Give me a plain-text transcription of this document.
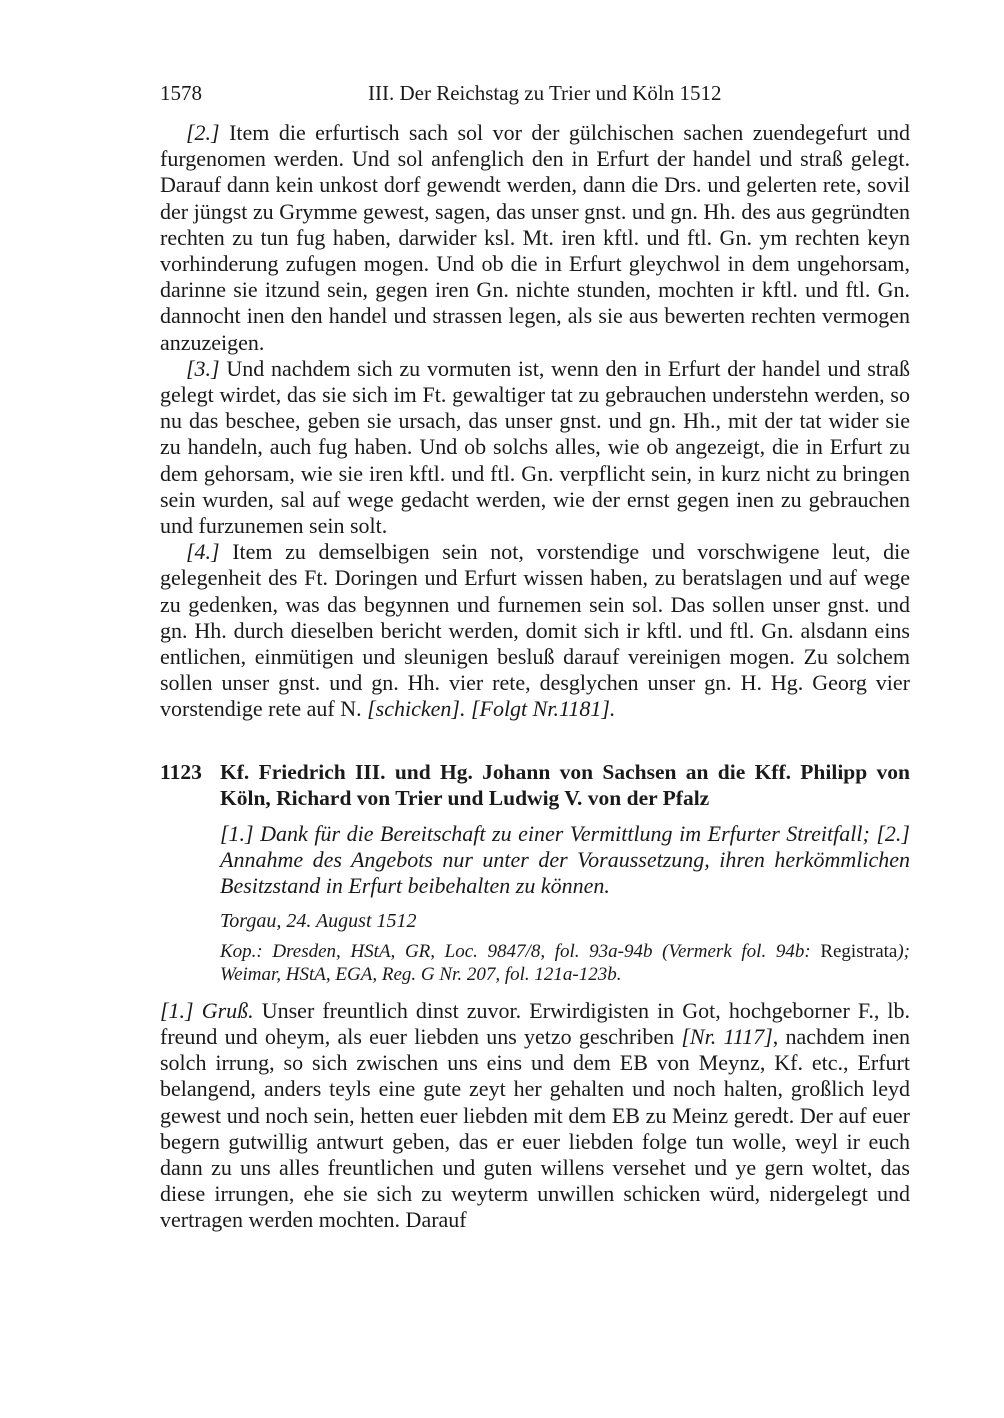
1578	III. Der Reichstag zu Trier und Köln 1512

[2.] Item die erfurtisch sach sol vor der gülchischen sachen zuendegefurt und furgenomen werden. Und sol anfenglich den in Erfurt der handel und straß gelegt. Darauf dann kein unkost dorf gewendt werden, dann die Drs. und gelerten rete, sovil der jüngst zu Grymme gewest, sagen, das unser gnst. und gn. Hh. des aus gegründten rechten zu tun fug haben, darwider ksl. Mt. iren kftl. und ftl. Gn. ym rechten keyn vorhinderung zufugen mogen. Und ob die in Erfurt gleychwol in dem ungehorsam, darinne sie itzund sein, gegen iren Gn. nichte stunden, mochten ir kftl. und ftl. Gn. dannocht inen den handel und strassen legen, als sie aus bewerten rechten vermogen anzuzeigen.

[3.] Und nachdem sich zu vormuten ist, wenn den in Erfurt der handel und straß gelegt wirdet, das sie sich im Ft. gewaltiger tat zu gebrauchen understehn werden, so nu das beschee, geben sie ursach, das unser gnst. und gn. Hh., mit der tat wider sie zu handeln, auch fug haben. Und ob solchs alles, wie ob angezeigt, die in Erfurt zu dem gehorsam, wie sie iren kftl. und ftl. Gn. verpflicht sein, in kurz nicht zu bringen sein wurden, sal auf wege gedacht werden, wie der ernst gegen inen zu gebrauchen und furzunemen sein solt.

[4.] Item zu demselbigen sein not, vorstendige und vorschwigene leut, die gelegenheit des Ft. Doringen und Erfurt wissen haben, zu beratslagen und auf wege zu gedenken, was das begynnen und furnemen sein sol. Das sollen unser gnst. und gn. Hh. durch dieselben bericht werden, domit sich ir kftl. und ftl. Gn. alsdann eins entlichen, einmütigen und sleunigen besluß darauf vereinigen mogen. Zu solchem sollen unser gnst. und gn. Hh. vier rete, desglychen unser gn. H. Hg. Georg vier vorstendige rete auf N. [schicken]. [Folgt Nr.1181].

1123 Kf. Friedrich III. und Hg. Johann von Sachsen an die Kff. Philipp von Köln, Richard von Trier und Ludwig V. von der Pfalz
[1.] Dank für die Bereitschaft zu einer Vermittlung im Erfurter Streitfall; [2.] Annahme des Angebots nur unter der Voraussetzung, ihren herkömmlichen Besitzstand in Erfurt beibehalten zu können.
Torgau, 24. August 1512
Kop.: Dresden, HStA, GR, Loc. 9847/8, fol. 93a-94b (Vermerk fol. 94b: Registrata); Weimar, HStA, EGA, Reg. G Nr. 207, fol. 121a-123b.

[1.] Gruß. Unser freuntlich dinst zuvor. Erwirdigisten in Got, hochgeborner F., lb. freund und oheym, als euer liebden uns yetzo geschriben [Nr. 1117], nachdem inen solch irrung, so sich zwischen uns eins und dem EB von Meynz, Kf. etc., Erfurt belangend, anders teyls eine gute zeyt her gehalten und noch halten, großlich leyd gewest und noch sein, hetten euer liebden mit dem EB zu Meinz geredt. Der auf euer begern gutwillig antwurt geben, das er euer liebden folge tun wolle, weyl ir euch dann zu uns alles freuntlichen und guten willens versehet und ye gern woltet, das diese irrungen, ehe sie sich zu weyterm unwillen schicken würd, nidergelegt und vertragen werden mochten. Darauf
